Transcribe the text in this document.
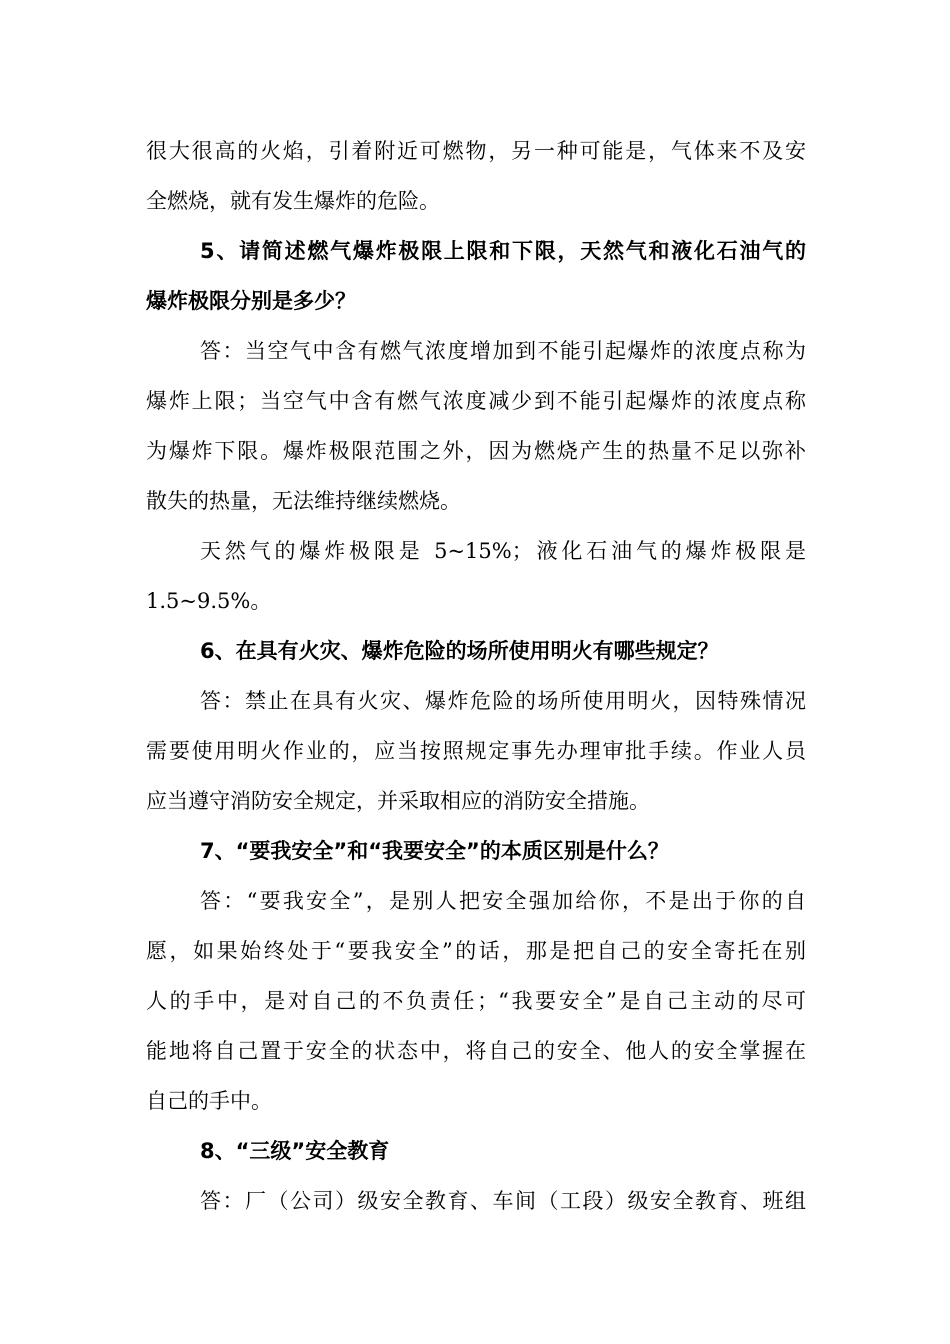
很大很高的火焰，引着附近可燃物，另一种可能是，气体来不及安
全燃烧，就有发生爆炸的危险。
5、请简述燃气爆炸极限上限和下限，天然气和液化石油气的
爆炸极限分别是多少？
答：当空气中含有燃气浓度增加到不能引起爆炸的浓度点称为
爆炸上限；当空气中含有燃气浓度减少到不能引起爆炸的浓度点称
为爆炸下限。爆炸极限范围之外，因为燃烧产生的热量不足以弥补
散失的热量，无法维持继续燃烧。
天然气的爆炸极限是 5~15%；液化石油气的爆炸极限是
1.5~9.5%。
6、在具有火灾、爆炸危险的场所使用明火有哪些规定？
答：禁止在具有火灾、爆炸危险的场所使用明火，因特殊情况
需要使用明火作业的，应当按照规定事先办理审批手续。作业人员
应当遵守消防安全规定，并采取相应的消防安全措施。
7、“要我安全”和“我要安全”的本质区别是什么？
答：“要我安全”，是别人把安全强加给你，不是出于你的自
愿，如果始终处于“要我安全”的话，那是把自己的安全寄托在别
人的手中，是对自己的不负责任；“我要安全”是自己主动的尽可
能地将自己置于安全的状态中，将自己的安全、他人的安全掌握在
自己的手中。
8、“三级”安全教育
答：厂（公司）级安全教育、车间（工段）级安全教育、班组
